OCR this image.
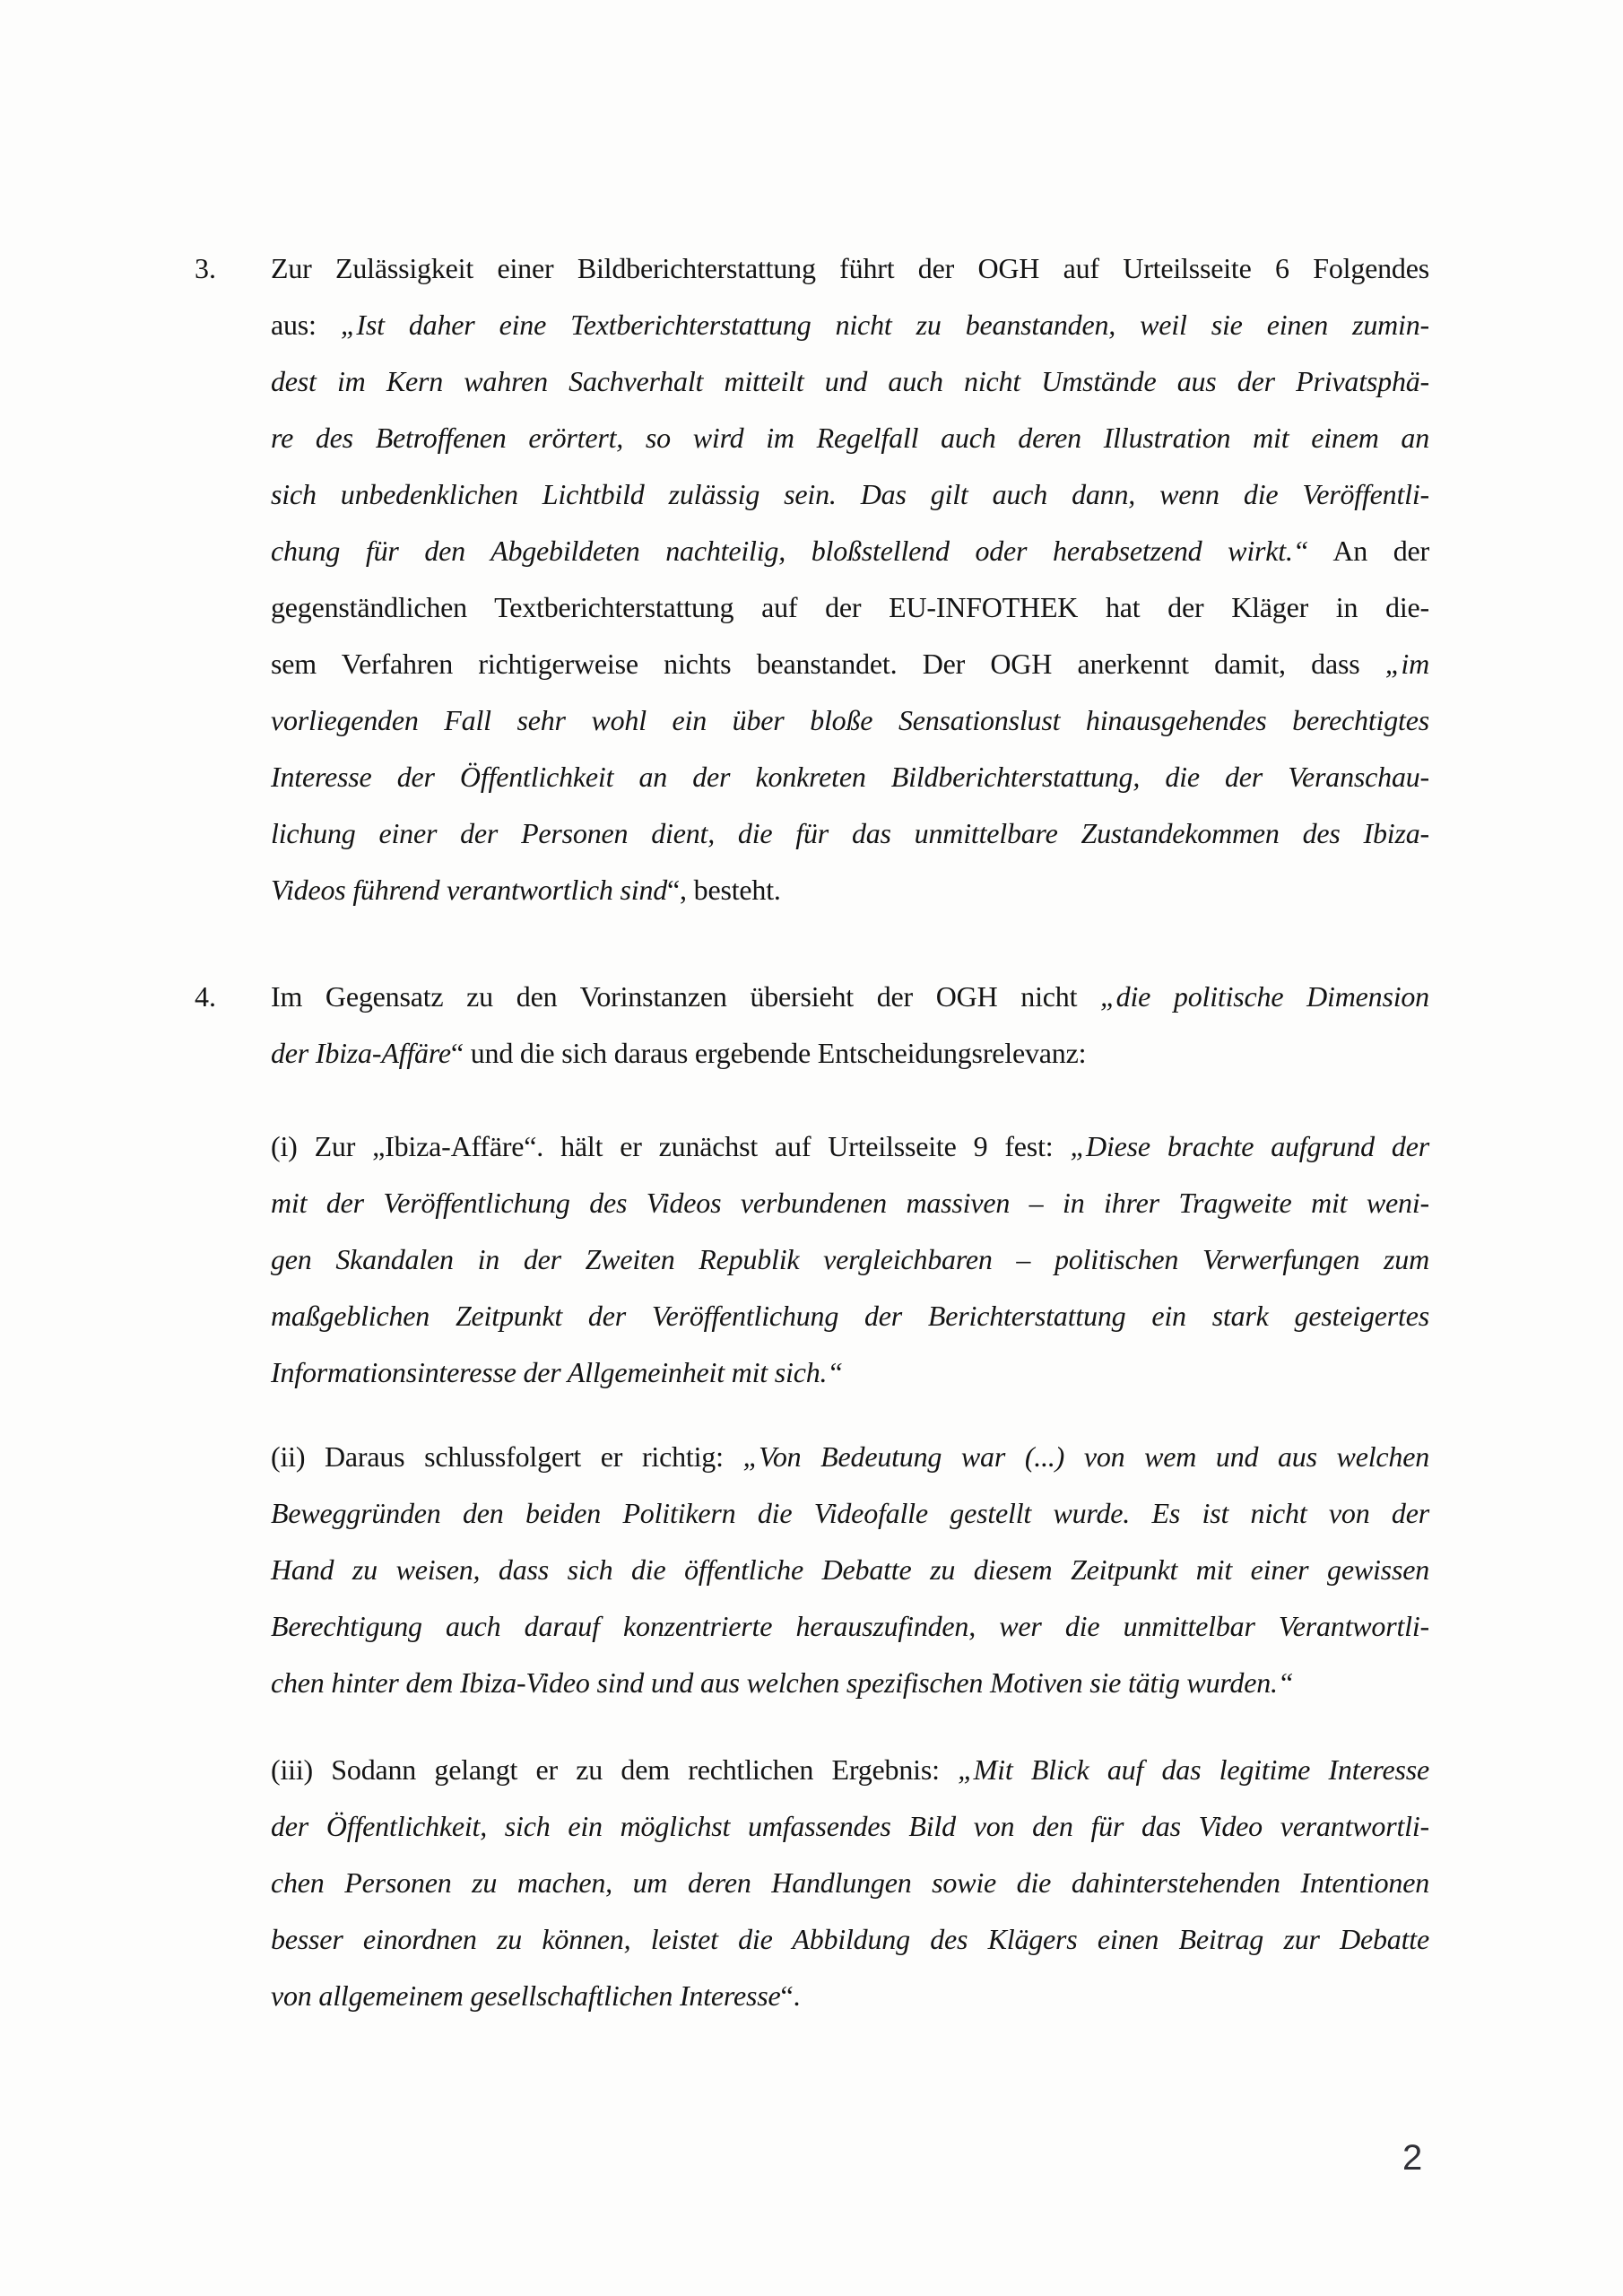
3.	Zur Zulässigkeit einer Bildberichterstattung führt der OGH auf Urteilsseite 6 Folgendes
aus: „Ist daher eine Textberichterstattung nicht zu beanstanden, weil sie einen zumin-
dest im Kern wahren Sachverhalt mitteilt und auch nicht Umstände aus der Privatsphä-
re des Betroffenen erörtert, so wird im Regelfall auch deren Illustration mit einem an
sich unbedenklichen Lichtbild zulässig sein. Das gilt auch dann, wenn die Veröffentli-
chung für den Abgebildeten nachteilig, bloßstellend oder herabsetzend wirkt.“ An der
gegenständlichen Textberichterstattung auf der EU-INFOTHEK hat der Kläger in die-
sem Verfahren richtigerweise nichts beanstandet. Der OGH anerkennt damit, dass „im
vorliegenden Fall sehr wohl ein über bloße Sensationslust hinausgehendes berechtigtes
Interesse der Öffentlichkeit an der konkreten Bildberichterstattung, die der Veranschau-
lichung einer der Personen dient, die für das unmittelbare Zustandekommen des Ibiza-
Videos führend verantwortlich sind“, besteht.
4.	Im Gegensatz zu den Vorinstanzen übersieht der OGH nicht „die politische Dimension
der Ibiza-Affäre“ und die sich daraus ergebende Entscheidungsrelevanz:
(i) Zur „Ibiza-Affäre“. hält er zunächst auf Urteilsseite 9 fest: „Diese brachte aufgrund der
mit der Veröffentlichung des Videos verbundenen massiven – in ihrer Tragweite mit weni-
gen Skandalen in der Zweiten Republik vergleichbaren – politischen Verwerfungen zum
maßgeblichen Zeitpunkt der Veröffentlichung der Berichterstattung ein stark gesteigertes
Informationsinteresse der Allgemeinheit mit sich.“
(ii) Daraus schlussfolgert er richtig: „Von Bedeutung war (...) von wem und aus welchen
Beweggründen den beiden Politikern die Videofalle gestellt wurde. Es ist nicht von der
Hand zu weisen, dass sich die öffentliche Debatte zu diesem Zeitpunkt mit einer gewissen
Berechtigung auch darauf konzentrierte herauszufinden, wer die unmittelbar Verantwortli-
chen hinter dem Ibiza-Video sind und aus welchen spezifischen Motiven sie tätig wurden.“
(iii) Sodann gelangt er zu dem rechtlichen Ergebnis: „Mit Blick auf das legitime Interesse
der Öffentlichkeit, sich ein möglichst umfassendes Bild von den für das Video verantwortli-
chen Personen zu machen, um deren Handlungen sowie die dahinterstehenden Intentionen
besser einordnen zu können, leistet die Abbildung des Klägers einen Beitrag zur Debatte
von allgemeinem gesellschaftlichen Interesse“.
2
